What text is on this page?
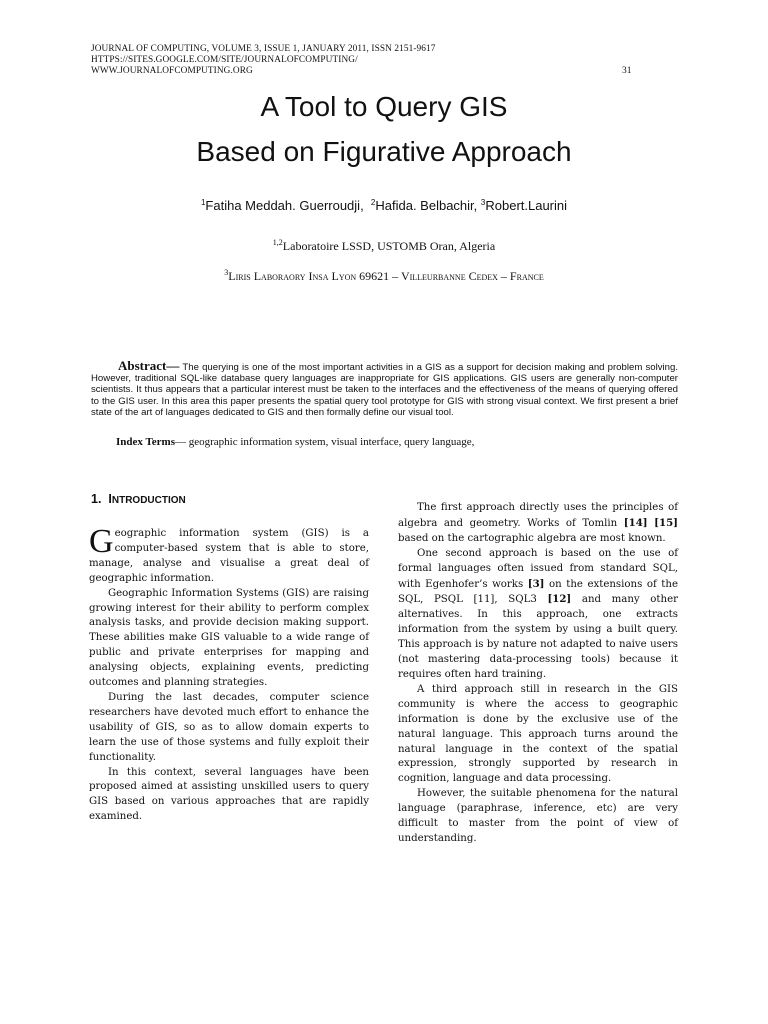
JOURNAL OF COMPUTING, VOLUME 3, ISSUE 1, JANUARY 2011, ISSN 2151-9617
HTTPS://SITES.GOOGLE.COM/SITE/JOURNALOFCOMPUTING/
WWW.JOURNALOFCOMPUTING.ORG	31
A Tool to Query GIS
Based on Figurative Approach
$^1$Fatiha Meddah. Guerroudji, $^2$Hafida. Belbachir, $^3$Robert.Laurini
$^{1,2}$Laboratoire LSSD, USTOMB Oran, Algeria
$^3$Liris Laboraory Insa Lyon 69621 – Villeurbanne Cedex – France
Abstract— The querying is one of the most important activities in a GIS as a support for decision making and problem solving. However, traditional SQL-like database query languages are inappropriate for GIS applications. GIS users are generally non-computer scientists. It thus appears that a particular interest must be taken to the interfaces and the effectiveness of the means of querying offered to the GIS user. In this area this paper presents the spatial query tool prototype for GIS with strong visual context. We first present a brief state of the art of languages dedicated to GIS and then formally define our visual tool.
Index Terms— geographic information system, visual interface, query language,
1. INTRODUCTION

Geographic information system (GIS) is a computer-based system that is able to store, manage, analyse and visualise a great deal of geographic information.

Geographic Information Systems (GIS) are raising growing interest for their ability to perform complex analysis tasks, and provide decision making support. These abilities make GIS valuable to a wide range of public and private enterprises for mapping and analysing objects, explaining events, predicting outcomes and planning strategies.

During the last decades, computer science researchers have devoted much effort to enhance the usability of GIS, so as to allow domain experts to learn the use of those systems and fully exploit their functionality.

In this context, several languages have been proposed aimed at assisting unskilled users to query GIS based on various approaches that are rapidly examined.

The first approach directly uses the principles of algebra and geometry. Works of Tomlin [14] [15] based on the cartographic algebra are most known.

One second approach is based on the use of formal languages often issued from standard SQL, with Egenhofer’s works [3] on the extensions of the SQL, PSQL [11], SQL3 [12] and many other alternatives. In this approach, one extracts information from the system by using a built query. This approach is by nature not adapted to naive users (not mastering data-processing tools) because it requires often hard training.

A third approach still in research in the GIS community is where the access to geographic information is done by the exclusive use of the natural language. This approach turns around the natural language in the context of the spatial expression, strongly supported by research in cognition, language and data processing.

However, the suitable phenomena for the natural language (paraphrase, inference, etc) are very difficult to master from the point of view of understanding.
